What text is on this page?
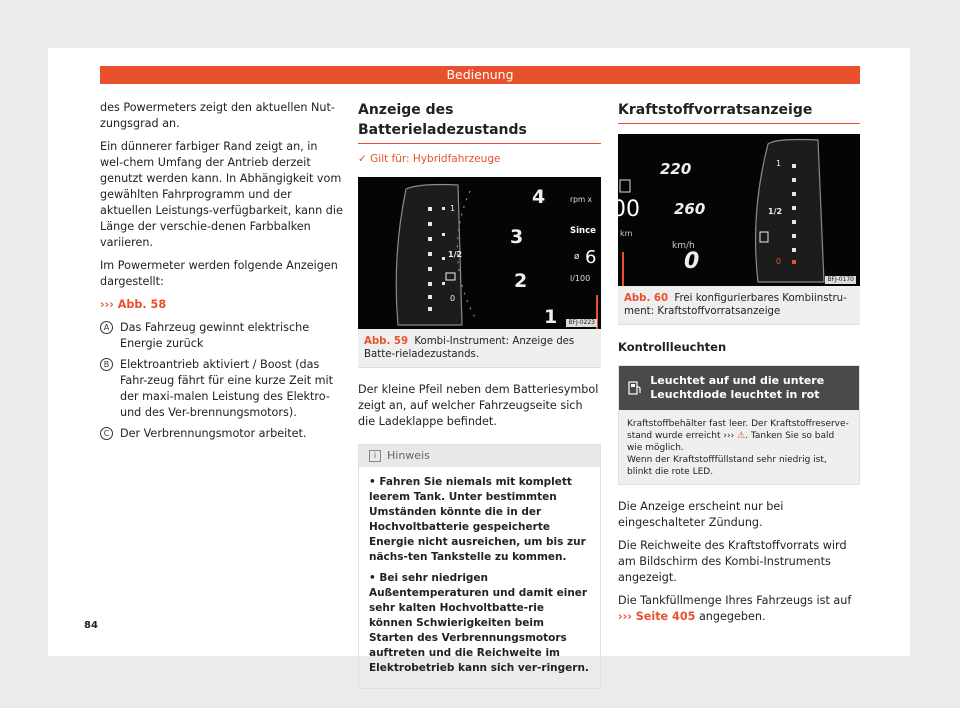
Bedienung

des Powermeters zeigt den aktuellen Nut-zungsgrad an.

Ein dünnerer farbiger Rand zeigt an, in wel-chem Umfang der Antrieb derzeit genutzt werden kann. In Abhängigkeit vom gewählten Fahrprogramm und der aktuellen Leistungs-verfügbarkeit, kann die Länge der verschie-denen Farbbalken variieren.

Im Powermeter werden folgende Anzeigen dargestellt:

››› Abb. 58

A Das Fahrzeug gewinnt elektrische Energie zurück
B Elektroantrieb aktiviert / Boost (das Fahr-zeug fährt für eine kurze Zeit mit der maxi-malen Leistung des Elektro- und des Ver-brennungsmotors).
C Der Verbrennungsmotor arbeitet.
Anzeige des Batterieladezustands
✓ Gilt für: Hybridfahrzeuge
1
1/2
0
4
3
2
1
rpm x
Since
ø 6
l/100
BFJ-0223
Abb. 59 Kombi-Instrument: Anzeige des Batte-rieladezustands.

Der kleine Pfeil neben dem Batteriesymbol zeigt an, auf welcher Fahrzeugseite sich die Ladeklappe befindet.

i Hinweis

• Fahren Sie niemals mit komplett leerem Tank. Unter bestimmten Umständen könnte die in der Hochvoltbatterie gespeicherte Energie nicht ausreichen, um bis zur nächs-ten Tankstelle zu kommen.

• Bei sehr niedrigen Außentemperaturen und damit einer sehr kalten Hochvoltbatte-rie können Schwierigkeiten beim Starten des Verbrennungsmotors auftreten und die Reichweite im Elektrobetrieb kann sich ver-ringern.

Kraftstoffvorratsanzeige
00
km
220
260
0
km/h
1
1/2
0
BFJ-0170
Abb. 60 Frei konfigurierbares Kombiinstru-ment: Kraftstoffvorratsanzeige
Kontrollleuchten
Leuchtet auf und die untere Leuchtdiode leuchtet in rot
Kraftstoffbehälter fast leer. Der Kraftstoffreserve-stand wurde erreicht ››› ⚠. Tanken Sie so bald wie möglich.
Wenn der Kraftstofffüllstand sehr niedrig ist, blinkt die rote LED.

Die Anzeige erscheint nur bei eingeschalteter Zündung.

Die Reichweite des Kraftstoffvorrats wird am Bildschirm des Kombi-Instruments angezeigt.

Die Tankfüllmenge Ihres Fahrzeugs ist auf ››› Seite 405 angegeben.

84
